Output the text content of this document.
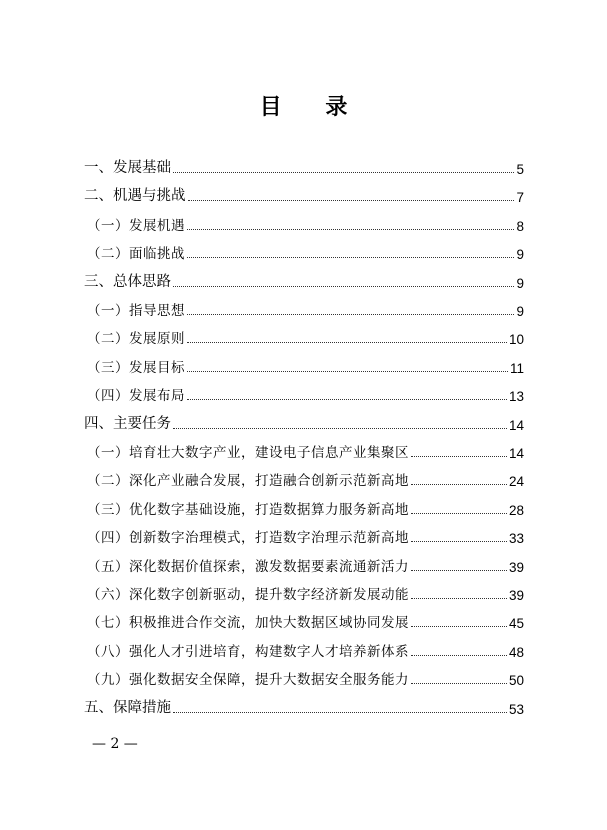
目 录
一、发展基础	5
二、机遇与挑战	7
（一）发展机遇	8
（二）面临挑战	9
三、总体思路	9
（一）指导思想	9
（二）发展原则	10
（三）发展目标	11
（四）发展布局	13
四、主要任务	14
（一）培育壮大数字产业，建设电子信息产业集聚区	14
（二）深化产业融合发展，打造融合创新示范新高地	24
（三）优化数字基础设施，打造数据算力服务新高地	28
（四）创新数字治理模式，打造数字治理示范新高地	33
（五）深化数据价值探索，激发数据要素流通新活力	39
（六）深化数字创新驱动，提升数字经济新发展动能	39
（七）积极推进合作交流，加快大数据区域协同发展	45
（八）强化人才引进培育，构建数字人才培养新体系	48
（九）强化数据安全保障，提升大数据安全服务能力	50
五、保障措施	53
— 2 —
